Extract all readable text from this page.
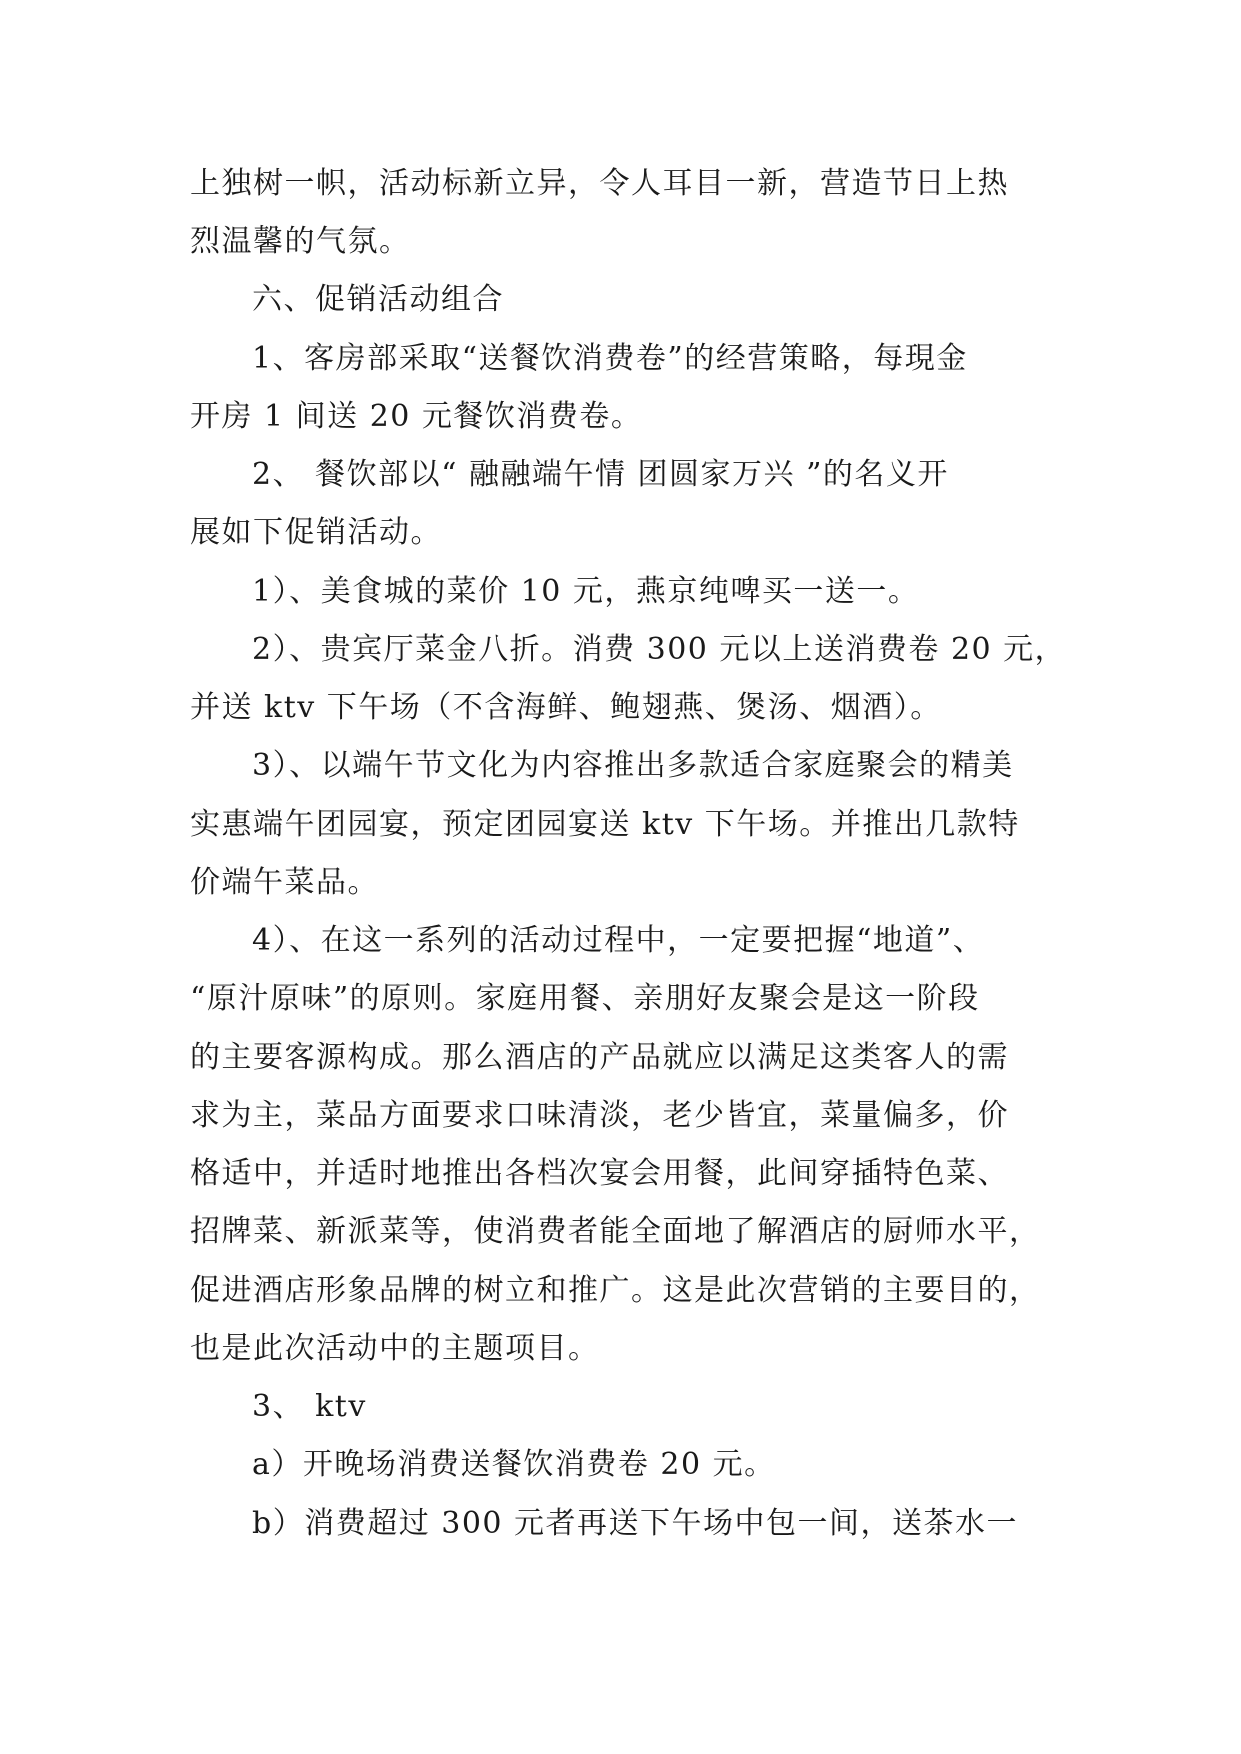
上独树一帜，活动标新立异，令人耳目一新，营造节日上热
烈温馨的气氛。
六、促销活动组合
1、客房部采取“送餐饮消费卷”的经营策略，每現金
开房 1 间送 20 元餐饮消费卷。
2、 餐饮部以“ 融融端午情 团圆家万兴 ”的名义开
展如下促销活动。
1）、美食城的菜价 10 元，燕京纯啤买一送一。
2）、贵宾厅菜金八折。消费 300 元以上送消费卷 20 元，
并送 ktv 下午场（不含海鲜、鲍翅燕、煲汤、烟酒）。
3）、以端午节文化为内容推出多款适合家庭聚会的精美
实惠端午团园宴，预定团园宴送 ktv 下午场。并推出几款特
价端午菜品。
4）、在这一系列的活动过程中，一定要把握“地道”、
“原汁原味”的原则。家庭用餐、亲朋好友聚会是这一阶段
的主要客源构成。那么酒店的产品就应以满足这类客人的需
求为主，菜品方面要求口味清淡，老少皆宜，菜量偏多，价
格适中，并适时地推出各档次宴会用餐，此间穿插特色菜、
招牌菜、新派菜等，使消费者能全面地了解酒店的厨师水平，
促进酒店形象品牌的树立和推广。这是此次营销的主要目的，
也是此次活动中的主题项目。
3、 ktv
a）开晚场消费送餐饮消费卷 20 元。
b）消费超过 300 元者再送下午场中包一间，送茶水一
